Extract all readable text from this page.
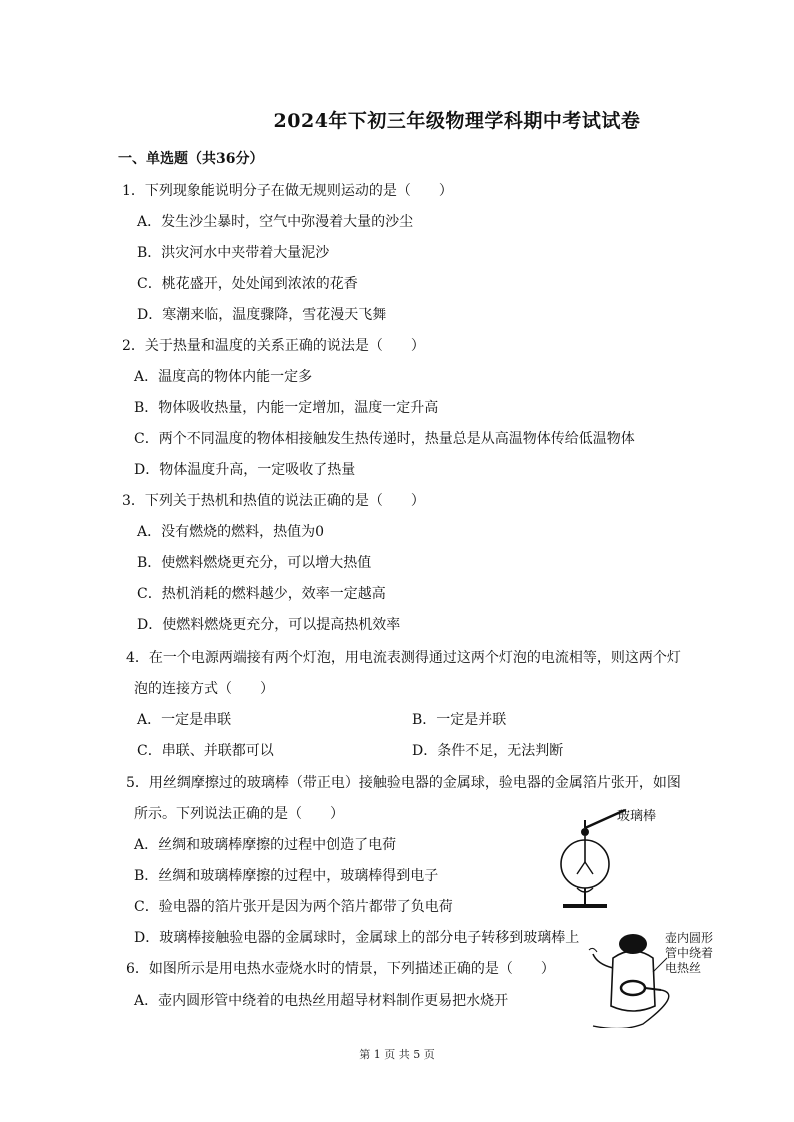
2024年下初三年级物理学科期中考试试卷
一、单选题（共36分）
1．下列现象能说明分子在做无规则运动的是（　　）
A．发生沙尘暴时，空气中弥漫着大量的沙尘
B．洪灾河水中夹带着大量泥沙
C．桃花盛开，处处闻到浓浓的花香
D．寒潮来临，温度骤降，雪花漫天飞舞
2．关于热量和温度的关系正确的说法是（　　）
A．温度高的物体内能一定多
B．物体吸收热量，内能一定增加，温度一定升高
C．两个不同温度的物体相接触发生热传递时，热量总是从高温物体传给低温物体
D．物体温度升高，一定吸收了热量
3．下列关于热机和热值的说法正确的是（　　）
A．没有燃烧的燃料，热值为0
B．使燃料燃烧更充分，可以增大热值
C．热机消耗的燃料越少，效率一定越高
D．使燃料燃烧更充分，可以提高热机效率
4．在一个电源两端接有两个灯泡，用电流表测得通过这两个灯泡的电流相等，则这两个灯
泡的连接方式（　　）
A．一定是串联	B．一定是并联
C．串联、并联都可以	D．条件不足，无法判断
5．用丝绸摩擦过的玻璃棒（带正电）接触验电器的金属球，验电器的金属箔片张开，如图
所示。下列说法正确的是（　　）
A．丝绸和玻璃棒摩擦的过程中创造了电荷
B．丝绸和玻璃棒摩擦的过程中，玻璃棒得到电子
C．验电器的箔片张开是因为两个箔片都带了负电荷
D．玻璃棒接触验电器的金属球时，金属球上的部分电子转移到玻璃棒上
6．如图所示是用电热水壶烧水时的情景，下列描述正确的是（　　）
A．壶内圆形管中绕着的电热丝用超导材料制作更易把水烧开
玻璃棒
壶内圆形
管中绕着
电热丝
第 1 页 共 5 页
